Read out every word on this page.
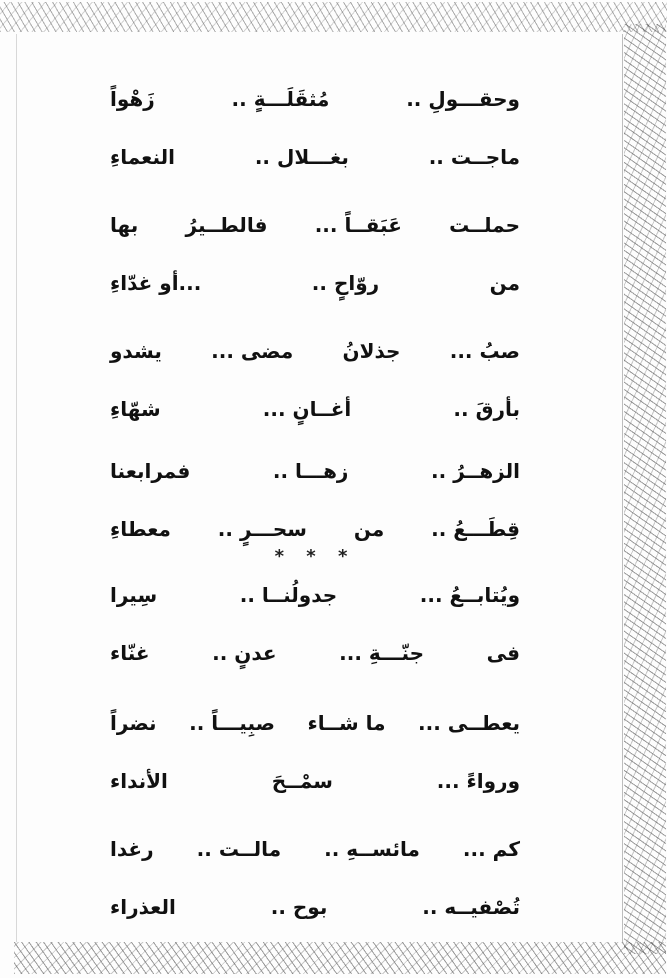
وحقـــولِ ..
مُثقَلَـــةٍ ..
زَهْواً
ماجــت ..
بغـــلال ..
النعماءِ
حملــت
عَبَقــاً ...
فالطــيرُ
بها
من
روّاحٍ ..
...أو غدّاءِ
صبُ ...
جذلانُ
مضى ...
يشدو
بأرقَ ..
أغــانٍ ...
شهّاءِ
الزهــرُ ..
زهـــا ..
فمرابعنا
قِطَـــعُ ..
من
سحـــرٍ ..
معطاءِ
* * *
ويُتابــعُ ...
جدولُنــا ..
سِيرا
فى
جنّـــةِ ...
عدنٍ ..
غنّاء
يعطــى ...
ما شــاء
صبِيـــاً ..
نضراً
ورواءً ...
سمْــحَ
الأنداء
كم ...
مائســهِ ..
مالــت ..
رغدا
تُصْفيــه ..
بوح ..
العذراء
